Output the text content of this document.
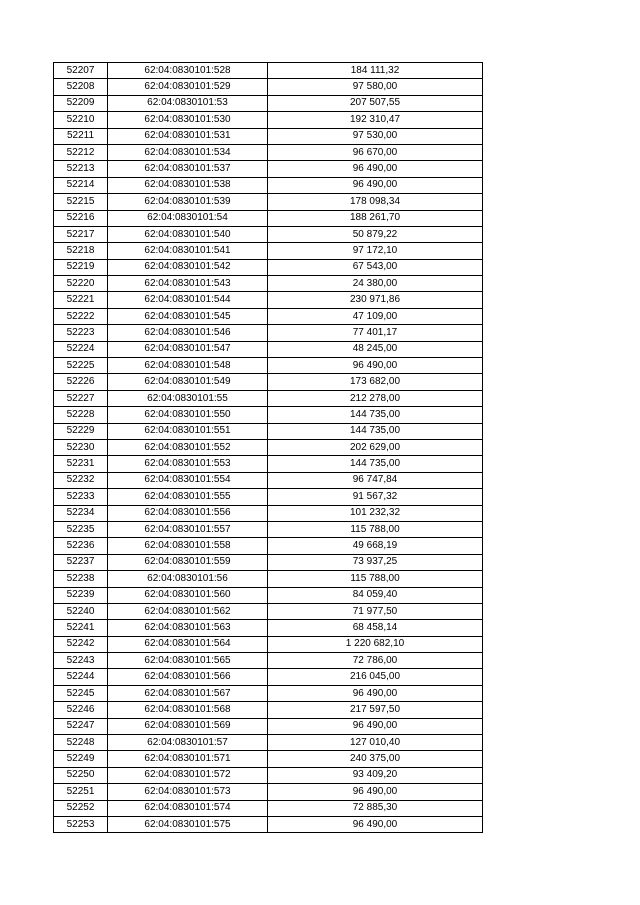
52207	62:04:0830101:528	184 111,32
52208	62:04:0830101:529	97 580,00
52209	62:04:0830101:53	207 507,55
52210	62:04:0830101:530	192 310,47
52211	62:04:0830101:531	97 530,00
52212	62:04:0830101:534	96 670,00
52213	62:04:0830101:537	96 490,00
52214	62:04:0830101:538	96 490,00
52215	62:04:0830101:539	178 098,34
52216	62:04:0830101:54	188 261,70
52217	62:04:0830101:540	50 879,22
52218	62:04:0830101:541	97 172,10
52219	62:04:0830101:542	67 543,00
52220	62:04:0830101:543	24 380,00
52221	62:04:0830101:544	230 971,86
52222	62:04:0830101:545	47 109,00
52223	62:04:0830101:546	77 401,17
52224	62:04:0830101:547	48 245,00
52225	62:04:0830101:548	96 490,00
52226	62:04:0830101:549	173 682,00
52227	62:04:0830101:55	212 278,00
52228	62:04:0830101:550	144 735,00
52229	62:04:0830101:551	144 735,00
52230	62:04:0830101:552	202 629,00
52231	62:04:0830101:553	144 735,00
52232	62:04:0830101:554	96 747,84
52233	62:04:0830101:555	91 567,32
52234	62:04:0830101:556	101 232,32
52235	62:04:0830101:557	115 788,00
52236	62:04:0830101:558	49 668,19
52237	62:04:0830101:559	73 937,25
52238	62:04:0830101:56	115 788,00
52239	62:04:0830101:560	84 059,40
52240	62:04:0830101:562	71 977,50
52241	62:04:0830101:563	68 458,14
52242	62:04:0830101:564	1 220 682,10
52243	62:04:0830101:565	72 786,00
52244	62:04:0830101:566	216 045,00
52245	62:04:0830101:567	96 490,00
52246	62:04:0830101:568	217 597,50
52247	62:04:0830101:569	96 490,00
52248	62:04:0830101:57	127 010,40
52249	62:04:0830101:571	240 375,00
52250	62:04:0830101:572	93 409,20
52251	62:04:0830101:573	96 490,00
52252	62:04:0830101:574	72 885,30
52253	62:04:0830101:575	96 490,00
